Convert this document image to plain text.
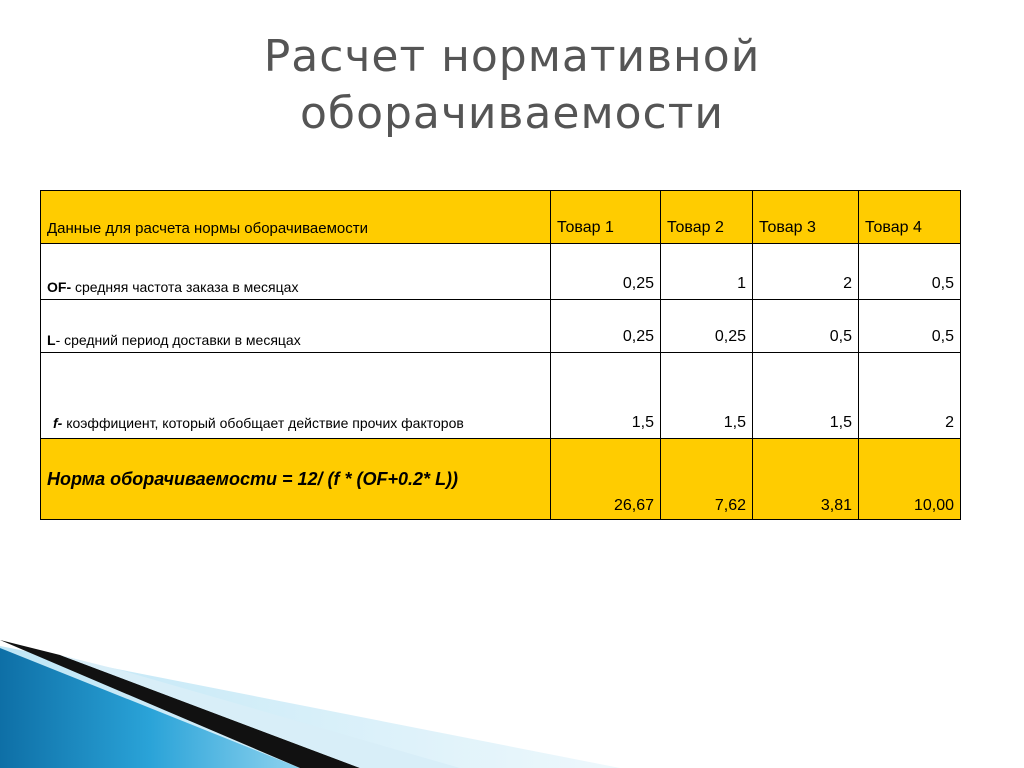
Расчет нормативной
оборачиваемости
Данные для расчета нормы оборачиваемости	Товар 1	Товар 2	Товар 3	Товар 4
OF- средняя частота заказа в месяцах	0,25	1	2	0,5
L- средний период доставки в месяцах	0,25	0,25	0,5	0,5
f- коэффициент, который обобщает действие прочих факторов	1,5	1,5	1,5	2
Норма оборачиваемости = 12/ (f * (OF+0.2* L))	26,67	7,62	3,81	10,00
